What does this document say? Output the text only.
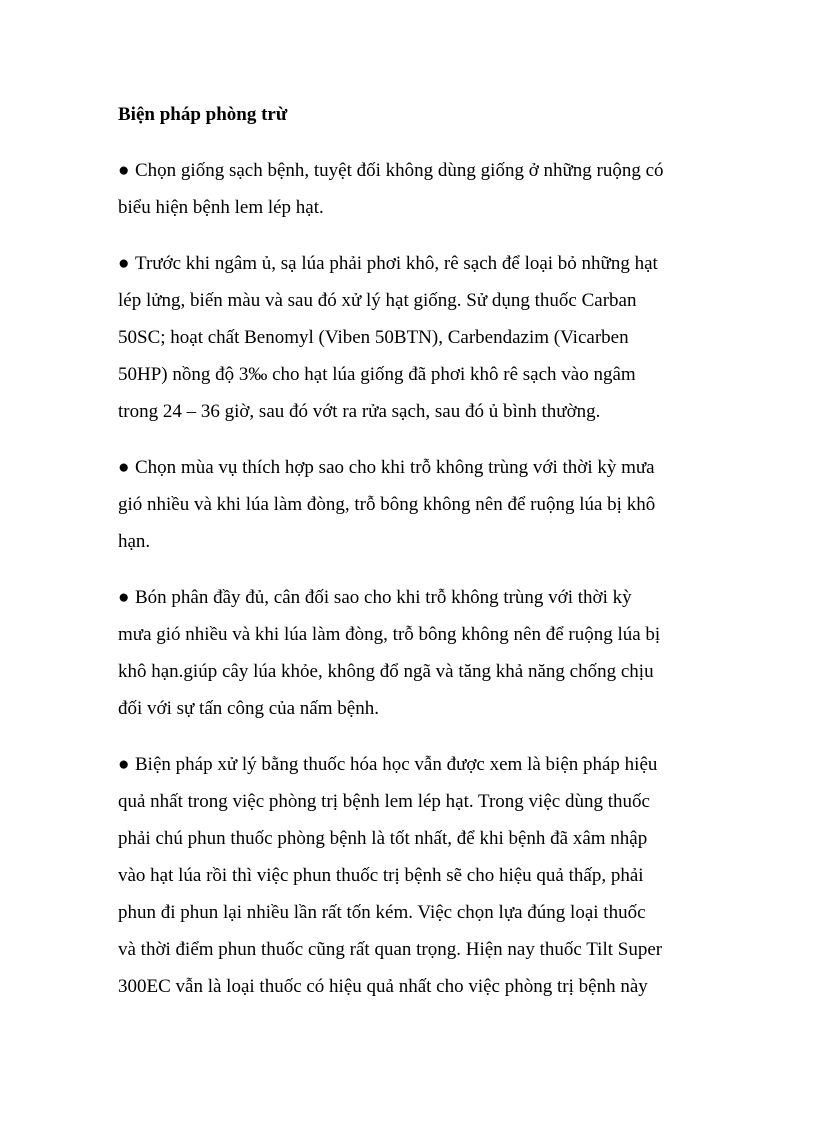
Biện pháp phòng trừ
● Chọn giống sạch bệnh, tuyệt đối không dùng giống ở những ruộng có
biểu hiện bệnh lem lép hạt.
● Trước khi ngâm ủ, sạ lúa phải phơi khô, rê sạch để loại bỏ những hạt
lép lửng, biến màu và sau đó xử lý hạt giống. Sử dụng thuốc Carban
50SC; hoạt chất Benomyl (Viben 50BTN), Carbendazim (Vicarben
50HP) nồng độ 3‰ cho hạt lúa giống đã phơi khô rê sạch vào ngâm
trong 24 – 36 giờ, sau đó vớt ra rửa sạch, sau đó ủ bình thường.
● Chọn mùa vụ thích hợp sao cho khi trỗ không trùng với thời kỳ mưa
gió nhiều và khi lúa làm đòng, trỗ bông không nên để ruộng lúa bị khô
hạn.
● Bón phân đầy đủ, cân đối sao cho khi trỗ không trùng với thời kỳ
mưa gió nhiều và khi lúa làm đòng, trỗ bông không nên để ruộng lúa bị
khô hạn.giúp cây lúa khỏe, không đổ ngã và tăng khả năng chống chịu
đối với sự tấn công của nấm bệnh.
● Biện pháp xử lý bằng thuốc hóa học vẫn được xem là biện pháp hiệu
quả nhất trong việc phòng trị bệnh lem lép hạt. Trong việc dùng thuốc
phải chú phun thuốc phòng bệnh là tốt nhất, để khi bệnh đã xâm nhập
vào hạt lúa rồi thì việc phun thuốc trị bệnh sẽ cho hiệu quả thấp, phải
phun đi phun lại nhiều lần rất tốn kém. Việc chọn lựa đúng loại thuốc
và thời điểm phun thuốc cũng rất quan trọng. Hiện nay thuốc Tilt Super
300EC vẫn là loại thuốc có hiệu quả nhất cho việc phòng trị bệnh này
